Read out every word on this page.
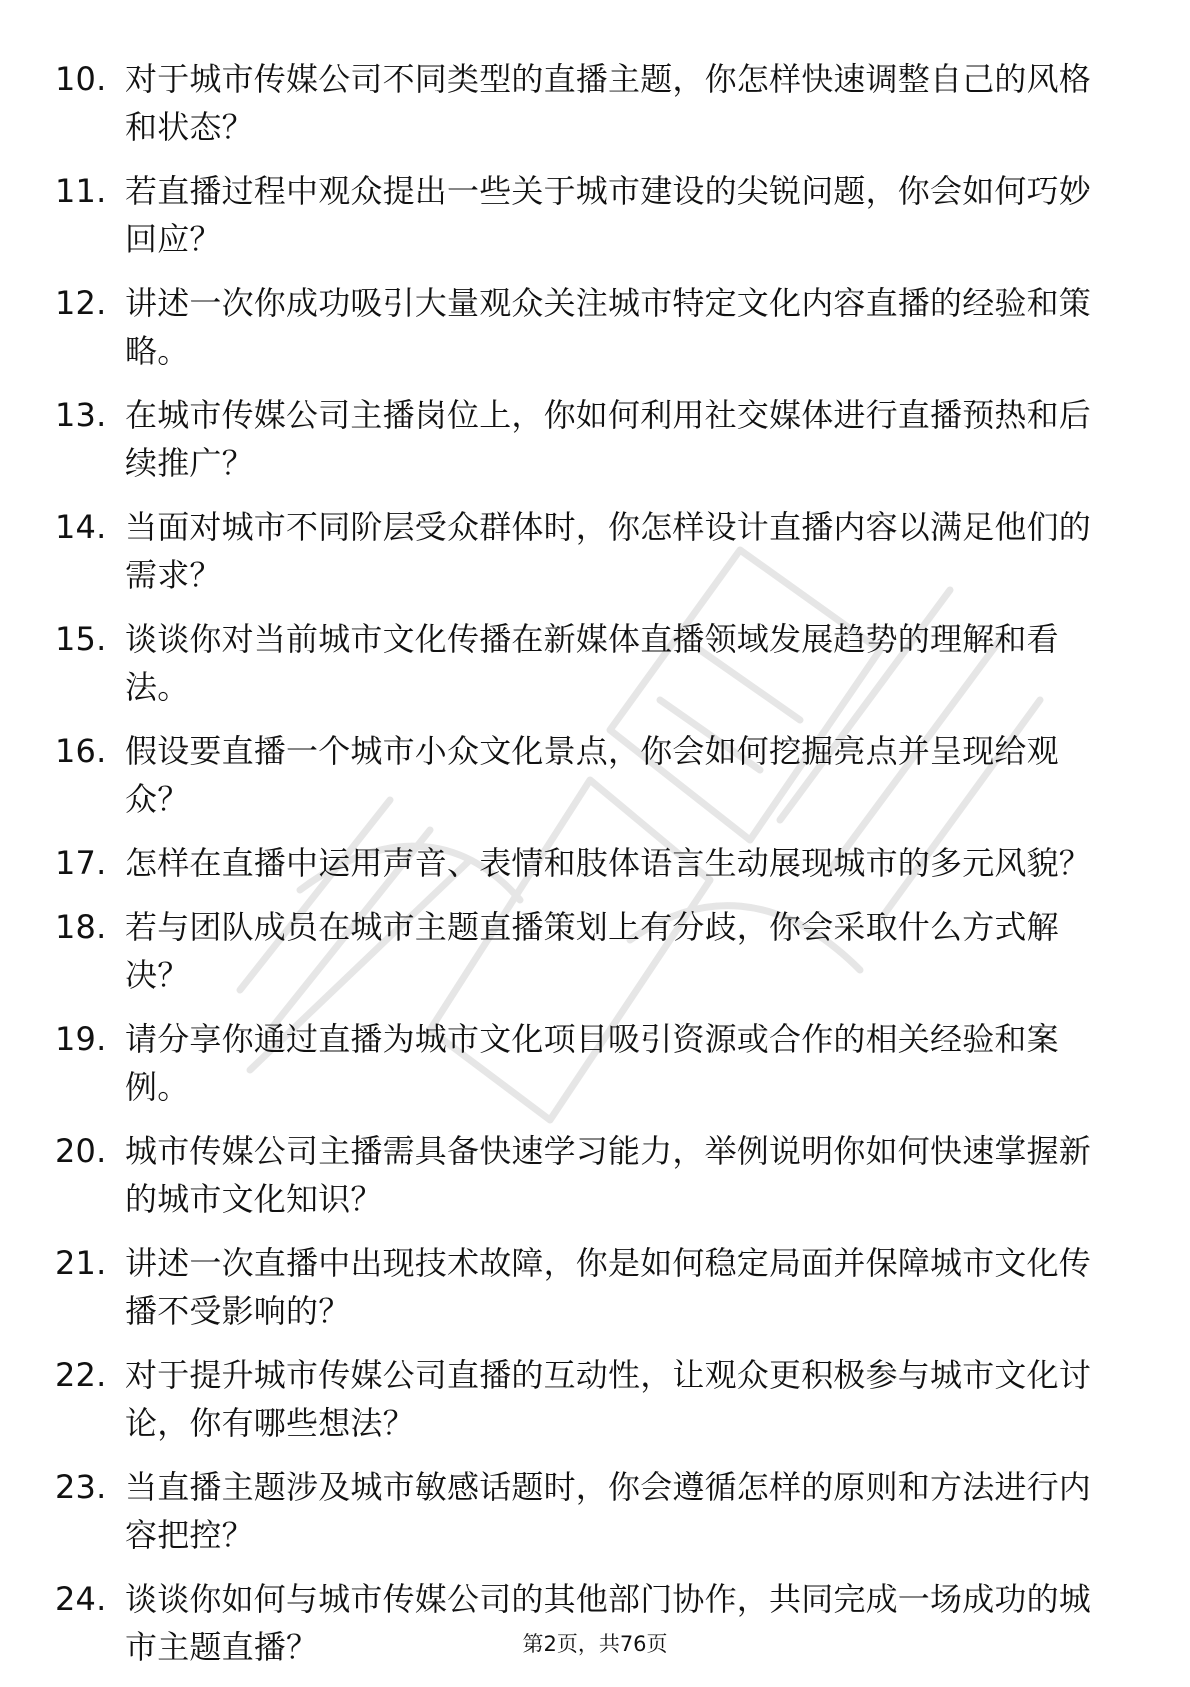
10. 对于城市传媒公司不同类型的直播主题，你怎样快速调整自己的风格和状态？
11. 若直播过程中观众提出一些关于城市建设的尖锐问题，你会如何巧妙回应？
12. 讲述一次你成功吸引大量观众关注城市特定文化内容直播的经验和策略。
13. 在城市传媒公司主播岗位上，你如何利用社交媒体进行直播预热和后续推广？
14. 当面对城市不同阶层受众群体时，你怎样设计直播内容以满足他们的需求？
15. 谈谈你对当前城市文化传播在新媒体直播领域发展趋势的理解和看法。
16. 假设要直播一个城市小众文化景点，你会如何挖掘亮点并呈现给观众？
17. 怎样在直播中运用声音、表情和肢体语言生动展现城市的多元风貌？
18. 若与团队成员在城市主题直播策划上有分歧，你会采取什么方式解决？
19. 请分享你通过直播为城市文化项目吸引资源或合作的相关经验和案例。
20. 城市传媒公司主播需具备快速学习能力，举例说明你如何快速掌握新的城市文化知识？
21. 讲述一次直播中出现技术故障，你是如何稳定局面并保障城市文化传播不受影响的？
22. 对于提升城市传媒公司直播的互动性，让观众更积极参与城市文化讨论，你有哪些想法？
23. 当直播主题涉及城市敏感话题时，你会遵循怎样的原则和方法进行内容把控？
24. 谈谈你如何与城市传媒公司的其他部门协作，共同完成一场成功的城市主题直播？	第2页，共76页
